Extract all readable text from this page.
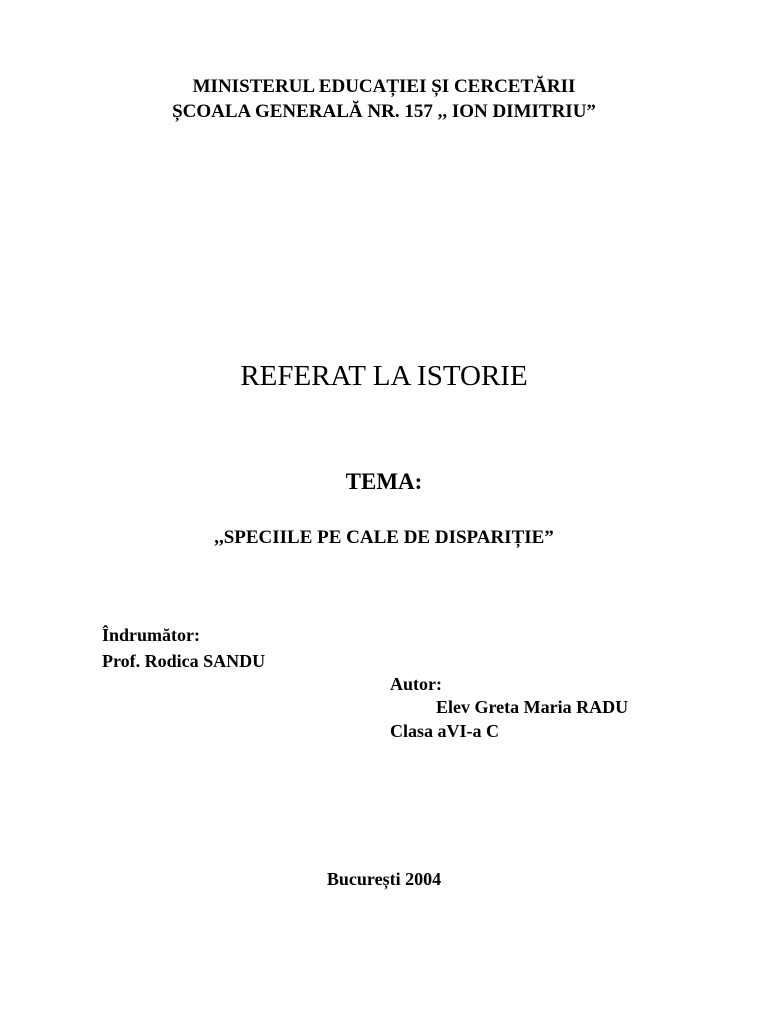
MINISTERUL EDUCAȚIEI ȘI CERCETĂRII
ȘCOALA GENERALĂ NR. 157 ,, ION DIMITRIU”
REFERAT LA ISTORIE
TEMA:
,,SPECIILE PE CALE DE DISPARIȚIE”
Îndrumător:
Prof. Rodica SANDU
Autor:
Elev Greta Maria RADU
Clasa aVI-a C
București 2004
